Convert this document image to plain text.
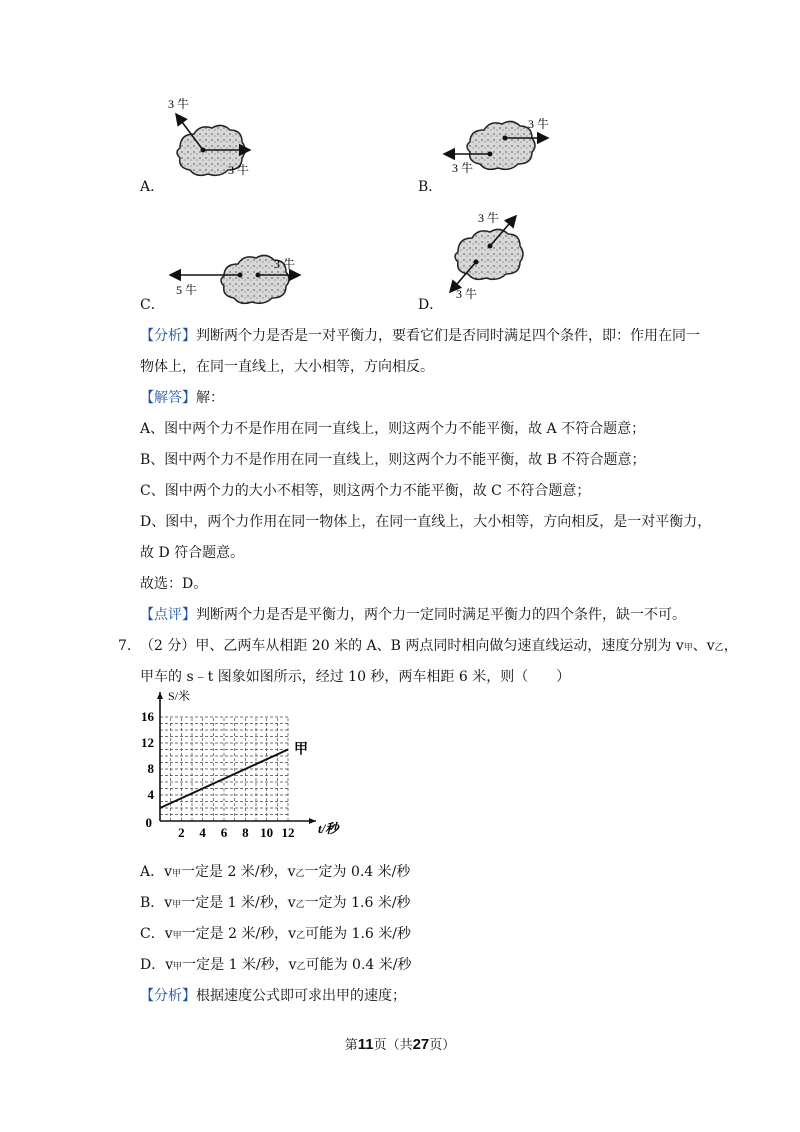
3 牛
3 牛
3 牛
3 牛
5 牛
3 牛
3 牛
3 牛
A．	B．
C．	D．
【分析】判断两个力是否是一对平衡力，要看它们是否同时满足四个条件，即：作用在同一
物体上，在同一直线上，大小相等，方向相反。
【解答】解：
A、图中两个力不是作用在同一直线上，则这两个力不能平衡，故 A 不符合题意；
B、图中两个力不是作用在同一直线上，则这两个力不能平衡，故 B 不符合题意；
C、图中两个力的大小不相等，则这两个力不能平衡，故 C 不符合题意；
D、图中，两个力作用在同一物体上，在同一直线上，大小相等，方向相反，是一对平衡力，
故 D 符合题意。
故选：D。
【点评】判断两个力是否是平衡力，两个力一定同时满足平衡力的四个条件，缺一不可。
7. （2 分）甲、乙两车从相距 20 米的 A、B 两点同时相向做匀速直线运动，速度分别为 v甲、v乙，
甲车的 s﹣t 图象如图所示，经过 10 秒，两车相距 6 米，则（　　）
S/米
t/秒
2 4 6 8 10 12
4
8
12
16
0
甲
A．v甲一定是 2 米/秒，v乙一定为 0.4 米/秒
B．v甲一定是 1 米/秒，v乙一定为 1.6 米/秒
C．v甲一定是 2 米/秒，v乙可能为 1.6 米/秒
D．v甲一定是 1 米/秒，v乙可能为 0.4 米/秒
【分析】根据速度公式即可求出甲的速度；
第11页（共27页）
